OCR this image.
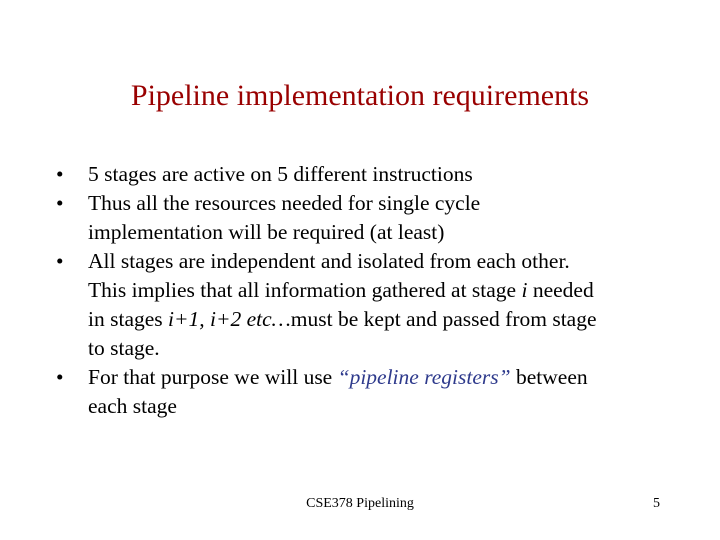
Pipeline implementation requirements
•	5 stages are active on 5 different instructions
•	Thus all the resources needed for single cycle
implementation will be required (at least)
•	All stages are independent and isolated from each other.
This implies that all information gathered at stage i needed
in stages i+1, i+2 etc…must be kept and passed from stage
to stage.
•	For that purpose we will use “pipeline registers” between
each stage
CSE378 Pipelining	5
